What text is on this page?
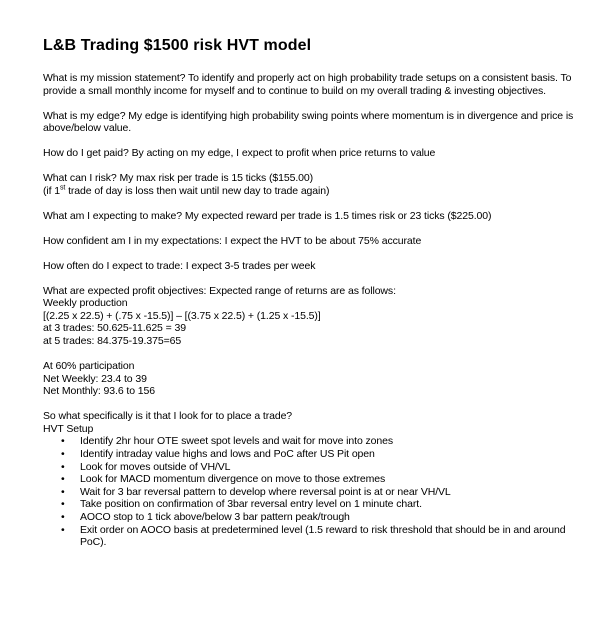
L&B Trading $1500 risk HVT model
What is my mission statement? To identify and properly act on high probability trade setups on a consistent basis. To provide a small monthly income for myself and to continue to build on my overall trading & investing objectives.
What is my edge? My edge is identifying high probability swing points where momentum is in divergence and price is above/below value.
How do I get paid? By acting on my edge, I expect to profit when price returns to value
What can I risk? My max risk per trade is 15 ticks ($155.00)
(if 1st trade of day is loss then wait until new day to trade again)
What am I expecting to make? My expected reward per trade is 1.5 times risk or 23 ticks ($225.00)
How confident am I in my expectations: I expect the HVT to be about 75% accurate
How often do I expect to trade: I expect 3-5 trades per week
What are expected profit objectives: Expected range of returns are as follows:
Weekly production
[(2.25 x 22.5) + (.75 x -15.5)] – [(3.75 x 22.5) + (1.25 x -15.5)]
at 3 trades: 50.625-11.625 = 39
at 5 trades: 84.375-19.375=65
At 60% participation
Net Weekly: 23.4 to 39
Net Monthly: 93.6 to 156
So what specifically is it that I look for to place a trade?
HVT Setup
•	Identify 2hr hour OTE sweet spot levels and wait for move into zones
•	Identify intraday value highs and lows and PoC after US Pit open
•	Look for moves outside of VH/VL
•	Look for MACD momentum divergence on move to those extremes
•	Wait for 3 bar reversal pattern to develop where reversal point is at or near VH/VL
•	Take position on confirmation of 3bar reversal entry level on 1 minute chart.
•	AOCO stop to 1 tick above/below 3 bar pattern peak/trough
•	Exit order on AOCO basis at predetermined level (1.5 reward to risk threshold that should be in and around PoC).
